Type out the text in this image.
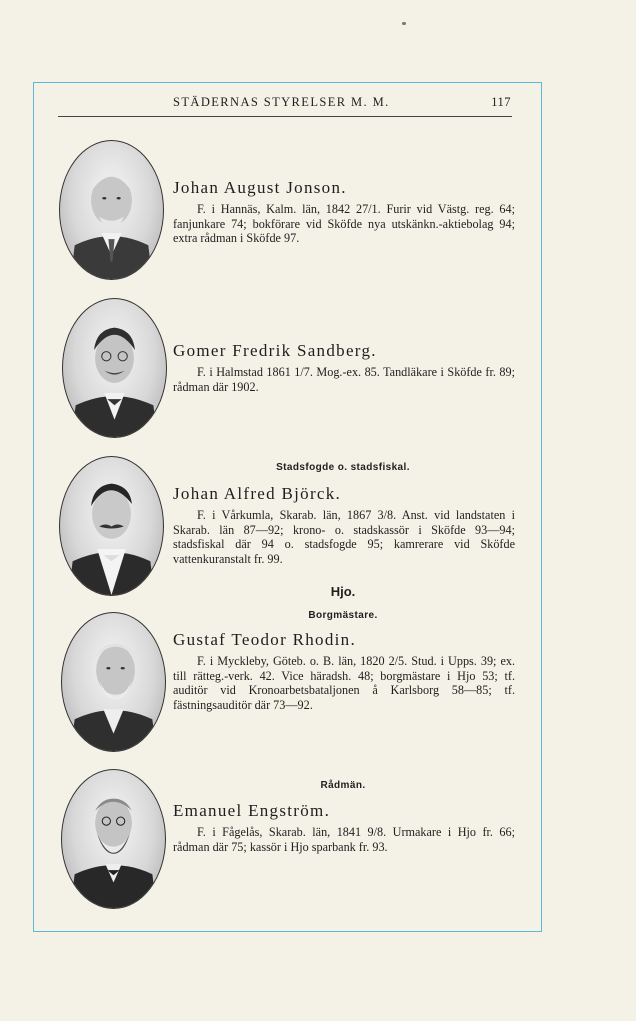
STÄDERNAS STYRELSER M. M.	117

Johan August Jonson.

F. i Hannäs, Kalm. län, 1842 27/1. Furir vid Västg. reg. 64; fanjunkare 74; bokförare vid Sköfde nya utskänkn.-aktiebolag 94; extra rådman i Sköfde 97.

Gomer Fredrik Sandberg.

F. i Halmstad 1861 1/7. Mog.-ex. 85. Tandläkare i Sköfde fr. 89; rådman där 1902.

Stadsfogde o. stadsfiskal.

Johan Alfred Björck.

F. i Vårkumla, Skarab. län, 1867 3/8. Anst. vid landstaten i Skarab. län 87—92; krono- o. stadskassör i Sköfde 93—94; stadsfiskal där 94 o. stadsfogde 95; kamrerare vid Sköfde vattenkuranstalt fr. 99.

Hjo.
Borgmästare.

Gustaf Teodor Rhodin.

F. i Myckleby, Göteb. o. B. län, 1820 2/5. Stud. i Upps. 39; ex. till rätteg.-verk. 42. Vice häradsh. 48; borgmästare i Hjo 53; tf. auditör vid Kronoarbetsbataljonen å Karlsborg 58—85; tf. fästningsauditör där 73—92.

Rådmän.

Emanuel Engström.

F. i Fågelås, Skarab. län, 1841 9/8. Urmakare i Hjo fr. 66; rådman där 75; kassör i Hjo sparbank fr. 93.
